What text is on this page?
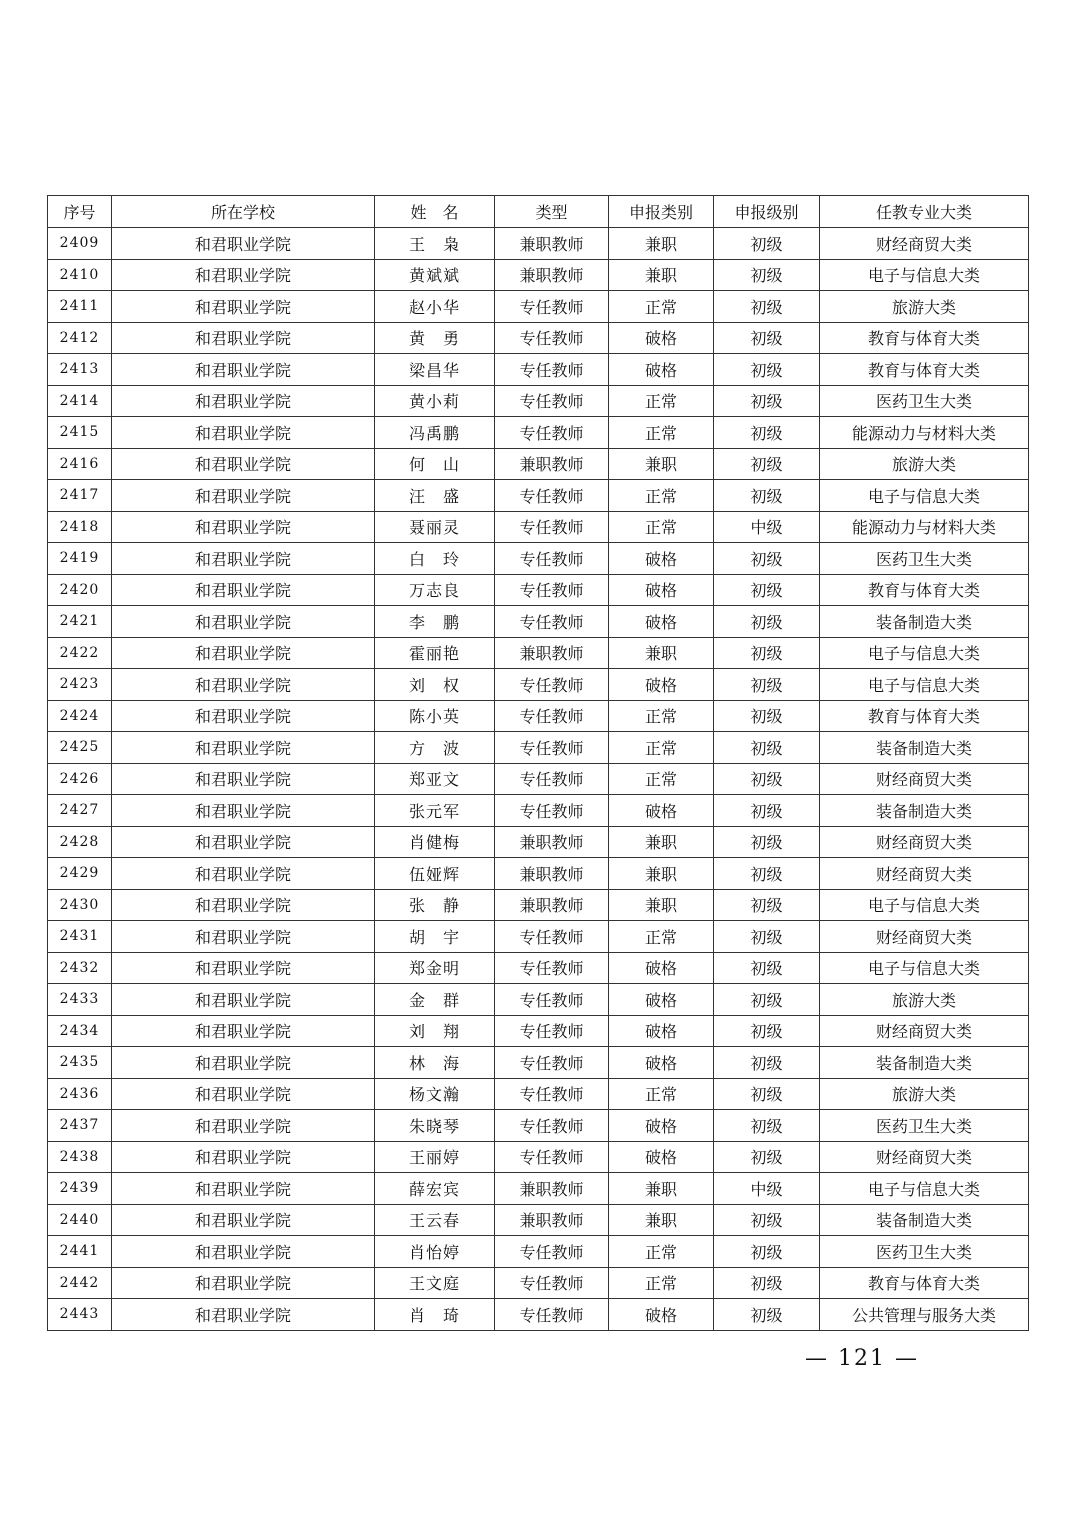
序号	所在学校	姓　名	类型	申报类别	申报级别	任教专业大类
2409	和君职业学院	王　枭	兼职教师	兼职	初级	财经商贸大类
2410	和君职业学院	黄斌斌	兼职教师	兼职	初级	电子与信息大类
2411	和君职业学院	赵小华	专任教师	正常	初级	旅游大类
2412	和君职业学院	黄　勇	专任教师	破格	初级	教育与体育大类
2413	和君职业学院	梁昌华	专任教师	破格	初级	教育与体育大类
2414	和君职业学院	黄小莉	专任教师	正常	初级	医药卫生大类
2415	和君职业学院	冯禹鹏	专任教师	正常	初级	能源动力与材料大类
2416	和君职业学院	何　山	兼职教师	兼职	初级	旅游大类
2417	和君职业学院	汪　盛	专任教师	正常	初级	电子与信息大类
2418	和君职业学院	聂丽灵	专任教师	正常	中级	能源动力与材料大类
2419	和君职业学院	白　玲	专任教师	破格	初级	医药卫生大类
2420	和君职业学院	万志良	专任教师	破格	初级	教育与体育大类
2421	和君职业学院	李　鹏	专任教师	破格	初级	装备制造大类
2422	和君职业学院	霍丽艳	兼职教师	兼职	初级	电子与信息大类
2423	和君职业学院	刘　权	专任教师	破格	初级	电子与信息大类
2424	和君职业学院	陈小英	专任教师	正常	初级	教育与体育大类
2425	和君职业学院	方　波	专任教师	正常	初级	装备制造大类
2426	和君职业学院	郑亚文	专任教师	正常	初级	财经商贸大类
2427	和君职业学院	张元军	专任教师	破格	初级	装备制造大类
2428	和君职业学院	肖健梅	兼职教师	兼职	初级	财经商贸大类
2429	和君职业学院	伍娅辉	兼职教师	兼职	初级	财经商贸大类
2430	和君职业学院	张　静	兼职教师	兼职	初级	电子与信息大类
2431	和君职业学院	胡　宇	专任教师	正常	初级	财经商贸大类
2432	和君职业学院	郑金明	专任教师	破格	初级	电子与信息大类
2433	和君职业学院	金　群	专任教师	破格	初级	旅游大类
2434	和君职业学院	刘　翔	专任教师	破格	初级	财经商贸大类
2435	和君职业学院	林　海	专任教师	破格	初级	装备制造大类
2436	和君职业学院	杨文瀚	专任教师	正常	初级	旅游大类
2437	和君职业学院	朱晓琴	专任教师	破格	初级	医药卫生大类
2438	和君职业学院	王丽婷	专任教师	破格	初级	财经商贸大类
2439	和君职业学院	薛宏宾	兼职教师	兼职	中级	电子与信息大类
2440	和君职业学院	王云春	兼职教师	兼职	初级	装备制造大类
2441	和君职业学院	肖怡婷	专任教师	正常	初级	医药卫生大类
2442	和君职业学院	王文庭	专任教师	正常	初级	教育与体育大类
2443	和君职业学院	肖　琦	专任教师	破格	初级	公共管理与服务大类
— 121 —
